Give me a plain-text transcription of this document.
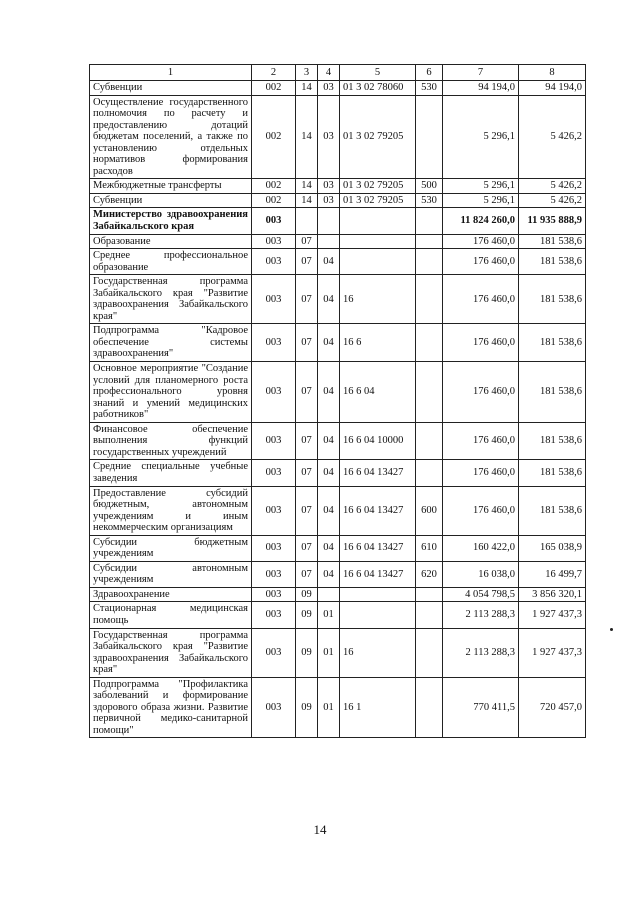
1	2	3	4	5	6	7	8
Субвенции	002	14	03	01 3 02 78060	530	94 194,0	94 194,0
Осуществление государственного полномочия по расчету и предоставлению дотаций бюджетам поселений, а также по установлению отдельных нормативов формирования расходов	002	14	03	01 3 02 79205		5 296,1	5 426,2
Межбюджетные трансферты	002	14	03	01 3 02 79205	500	5 296,1	5 426,2
Субвенции	002	14	03	01 3 02 79205	530	5 296,1	5 426,2
Министерство здравоохранения Забайкальского края	003					11 824 260,0	11 935 888,9
Образование	003	07				176 460,0	181 538,6
Среднее профессиональное образование	003	07	04			176 460,0	181 538,6
Государственная программа Забайкальского края "Развитие здравоохранения Забайкальского края"	003	07	04	16		176 460,0	181 538,6
Подпрограмма "Кадровое обеспечение системы здравоохранения"	003	07	04	16 6		176 460,0	181 538,6
Основное мероприятие "Создание условий для планомерного роста профессионального уровня знаний и умений медицинских работников"	003	07	04	16 6 04		176 460,0	181 538,6
Финансовое обеспечение выполнения функций государственных учреждений	003	07	04	16 6 04 10000		176 460,0	181 538,6
Средние специальные учебные заведения	003	07	04	16 6 04 13427		176 460,0	181 538,6
Предоставление субсидий бюджетным, автономным учреждениям и иным некоммерческим организациям	003	07	04	16 6 04 13427	600	176 460,0	181 538,6
Субсидии бюджетным учреждениям	003	07	04	16 6 04 13427	610	160 422,0	165 038,9
Субсидии автономным учреждениям	003	07	04	16 6 04 13427	620	16 038,0	16 499,7
Здравоохранение	003	09				4 054 798,5	3 856 320,1
Стационарная медицинская помощь	003	09	01			2 113 288,3	1 927 437,3
Государственная программа Забайкальского края "Развитие здравоохранения Забайкальского края"	003	09	01	16		2 113 288,3	1 927 437,3
Подпрограмма "Профилактика заболеваний и формирование здорового образа жизни. Развитие первичной медико-санитарной помощи"	003	09	01	16 1		770 411,5	720 457,0
14
